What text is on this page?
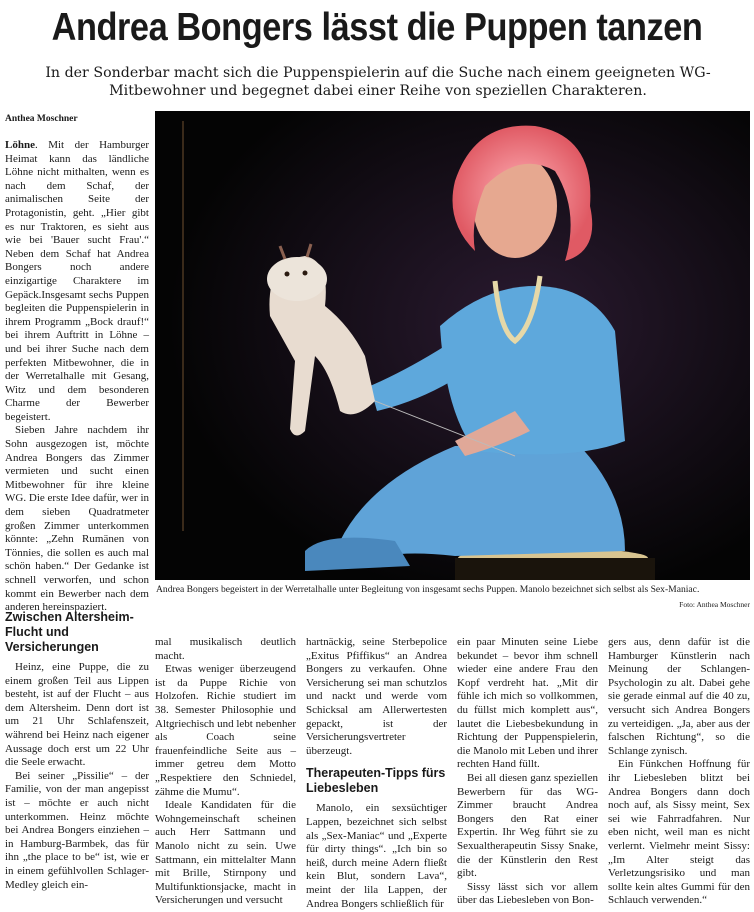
Andrea Bongers lässt die Puppen tanzen
In der Sonderbar macht sich die Puppenspielerin auf die Suche nach einem geeigneten WG-Mitbewohner und begegnet dabei einer Reihe von speziellen Charakteren.
Anthea Moschner

Löhne. Mit der Hamburger Heimat kann das ländliche Löhne nicht mithalten, wenn es nach dem Schaf, der animalischen Seite der Protagonistin, geht. „Hier gibt es nur Traktoren, es sieht aus wie bei 'Bauer sucht Frau'.“ Neben dem Schaf hat Andrea Bongers noch andere einzigartige Charaktere im Gepäck.Insgesamt sechs Puppen begleiten die Puppenspielerin in ihrem Programm „Bock drauf!“ bei ihrem Auftritt in Löhne – und bei ihrer Suche nach dem perfekten Mitbewohner, die in der Werretalhalle mit Gesang, Witz und dem besonderen Charme der Bewerber begeistert.

Sieben Jahre nachdem ihr Sohn ausgezogen ist, möchte Andrea Bongers das Zimmer vermieten und sucht einen Mitbewohner für ihre kleine WG. Die erste Idee dafür, wer in dem sieben Quadratmeter großen Zimmer unterkommen könnte: „Zehn Rumänen von Tönnies, die sollen es auch mal schön haben.“ Der Gedanke ist schnell verworfen, und schon kommt ein Bewerber nach dem anderen hereinspaziert.

Andrea Bongers begeistert in der Werretalhalle unter Begleitung von insgesamt sechs Puppen. Manolo bezeichnet sich selbst als Sex-Maniac.
Foto: Anthea Moschner
Zwischen Altersheim-Flucht und Versicherungen

Heinz, eine Puppe, die zu einem großen Teil aus Lippen besteht, ist auf der Flucht – aus dem Altersheim. Denn dort ist um 21 Uhr Schlafenszeit, während bei Heinz nach eigener Aussage doch erst um 22 Uhr die Seele erwacht.

Bei seiner „Pissilie“ – der Familie, von der man angepisst ist – möchte er auch nicht unterkommen. Heinz möchte bei Andrea Bongers einziehen – in Hamburg-Barmbek, das für ihn „the place to be“ ist, wie er in einem gefühlvollen Schlager-Medley gleich ein-

mal musikalisch deutlich macht.

Etwas weniger überzeugend ist da Puppe Richie von Holzofen. Richie studiert im 38. Semester Philosophie und Altgriechisch und lebt nebenher als Coach seine frauenfeindliche Seite aus – immer getreu dem Motto „Respektiere den Schniedel, zähme die Mumu“.

Ideale Kandidaten für die Wohngemeinschaft scheinen auch Herr Sattmann und Manolo nicht zu sein. Uwe Sattmann, ein mittelalter Mann mit Brille, Stirnpony und Multifunktionsjacke, macht in Versicherungen und versucht

hartnäckig, seine Sterbepolice „Exitus Pfiffikus“ an Andrea Bongers zu verkaufen. Ohne Versicherung sei man schutzlos und nackt und werde vom Schicksal am Allerwertesten gepackt, ist der Versicherungsvertreter überzeugt.

Therapeuten-Tipps fürs Liebesleben

Manolo, ein sexsüchtiger Lappen, bezeichnet sich selbst als „Sex-Maniac“ und „Experte für dirty things“. „Ich bin so heiß, durch meine Adern fließt kein Blut, sondern Lava“, meint der lila Lappen, der Andrea Bongers schließlich für

ein paar Minuten seine Liebe bekundet – bevor ihm schnell wieder eine andere Frau den Kopf verdreht hat. „Mit dir fühle ich mich so vollkommen, du füllst mich komplett aus“, lautet die Liebesbekundung in Richtung der Puppenspielerin, die Manolo mit Leben und ihrer rechten Hand füllt.

Bei all diesen ganz speziellen Bewerbern für das WG-Zimmer braucht Andrea Bongers den Rat einer Expertin. Ihr Weg führt sie zu Sexualtherapeutin Sissy Snake, die der Künstlerin den Rest gibt.

Sissy lässt sich vor allem über das Liebesleben von Bon-

gers aus, denn dafür ist die Hamburger Künstlerin nach Meinung der Schlangen-Psychologin zu alt. Dabei gehe sie gerade einmal auf die 40 zu, versucht sich Andrea Bongers zu verteidigen. „Ja, aber aus der falschen Richtung“, so die Schlange zynisch.

Ein Fünkchen Hoffnung für ihr Liebesleben blitzt bei Andrea Bongers dann doch noch auf, als Sissy meint, Sex sei wie Fahrradfahren. Nur eben nicht, weil man es nicht verlernt. Vielmehr meint Sissy: „Im Alter steigt das Verletzungsrisiko und man sollte kein altes Gummi für den Schlauch verwenden.“
